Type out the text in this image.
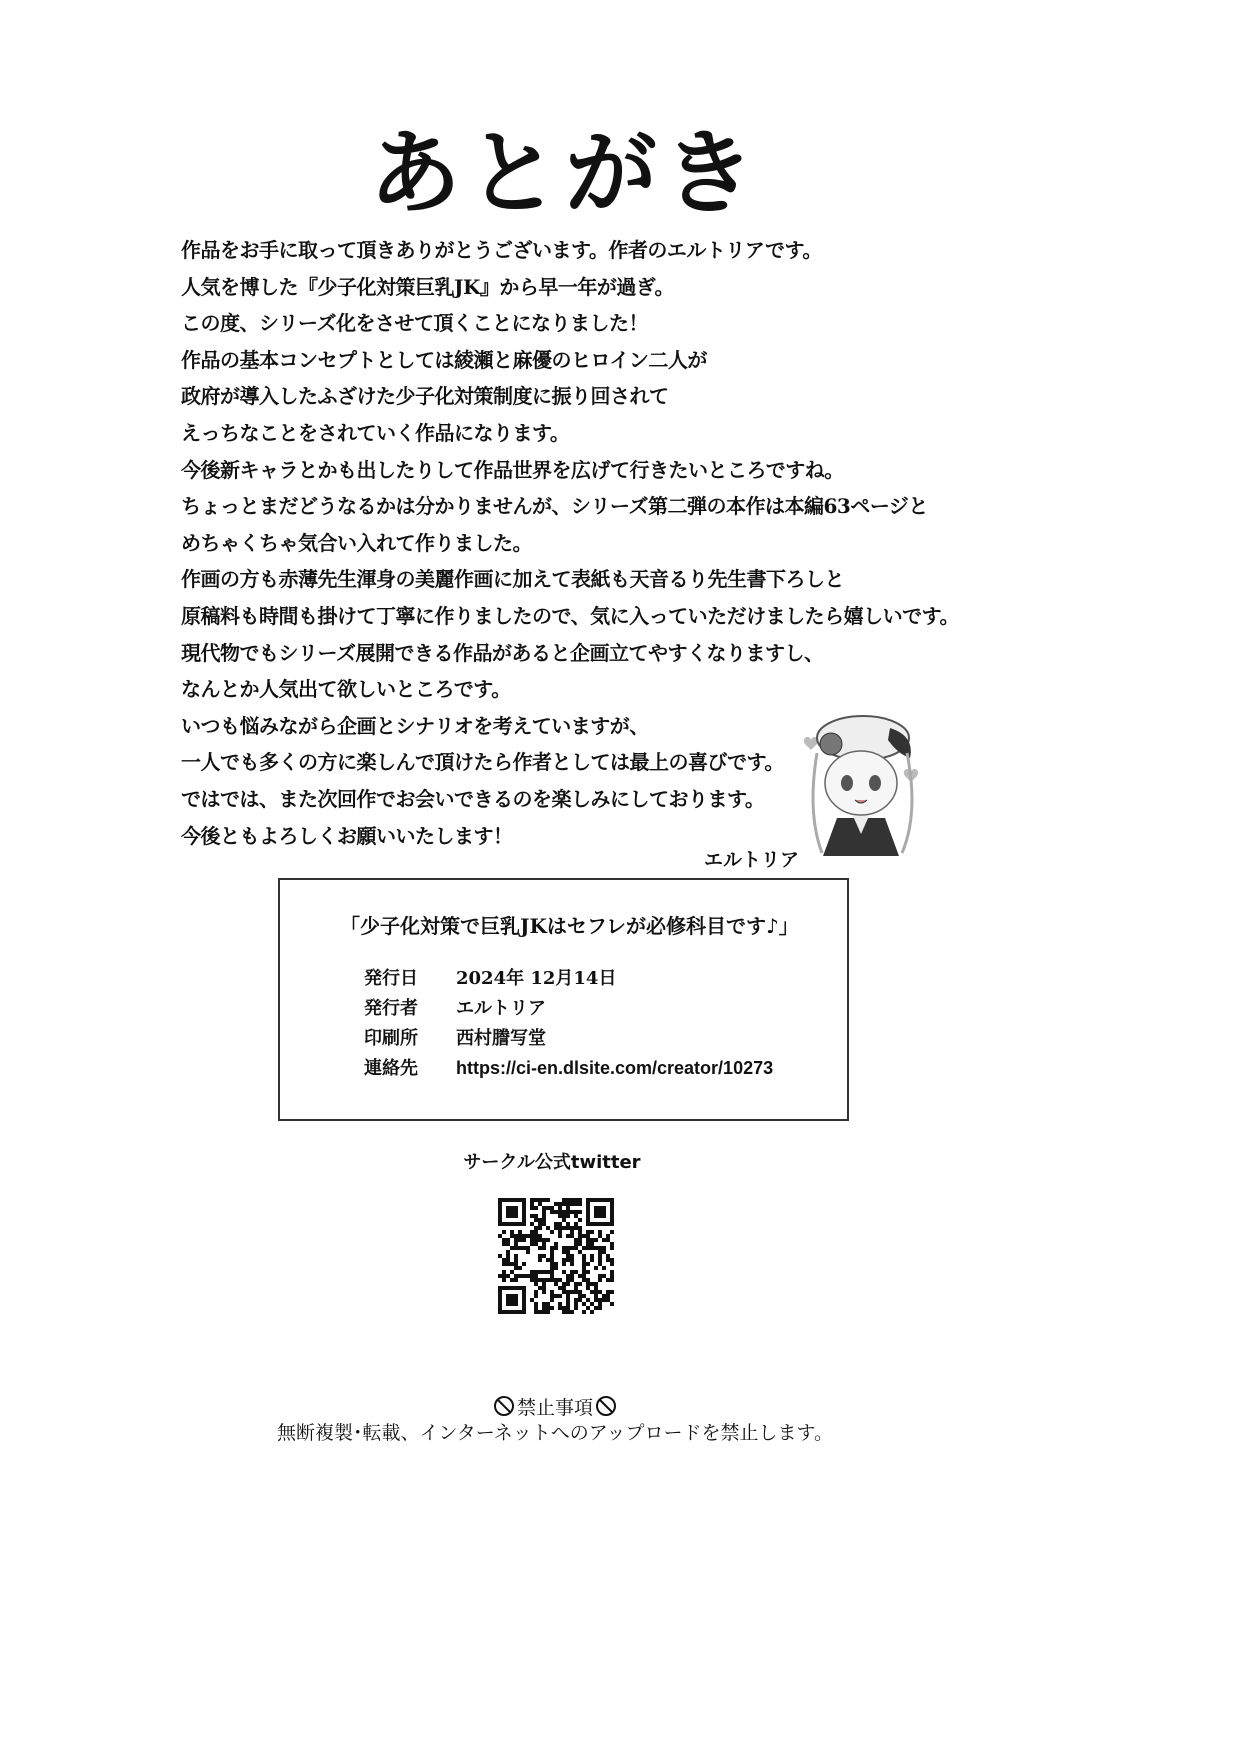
あとがき
作品をお手に取って頂きありがとうございます。作者のエルトリアです。
人気を博した『少子化対策巨乳JK』から早一年が過ぎ。
この度、シリーズ化をさせて頂くことになりました！
作品の基本コンセプトとしては綾瀬と麻優のヒロイン二人が
政府が導入したふざけた少子化対策制度に振り回されて
えっちなことをされていく作品になります。
今後新キャラとかも出したりして作品世界を広げて行きたいところですね。
ちょっとまだどうなるかは分かりませんが、シリーズ第二弾の本作は本編63ページと
めちゃくちゃ気合い入れて作りました。
作画の方も赤薄先生渾身の美麗作画に加えて表紙も天音るり先生書下ろしと
原稿料も時間も掛けて丁寧に作りましたので、気に入っていただけましたら嬉しいです。
現代物でもシリーズ展開できる作品があると企画立てやすくなりますし、
なんとか人気出て欲しいところです。
いつも悩みながら企画とシナリオを考えていますが、
一人でも多くの方に楽しんで頂けたら作者としては最上の喜びです。
ではでは、また次回作でお会いできるのを楽しみにしております。
今後ともよろしくお願いいたします！
エルトリア
「少子化対策で巨乳JKはセフレが必修科目です♪」
発行日 2024年 12月14日
発行者 エルトリア
印刷所 西村謄写堂
連絡先 https://ci-en.dlsite.com/creator/10273
サークル公式twitter
禁止事項
無断複製･転載、インターネットへのアップロードを禁止します。
